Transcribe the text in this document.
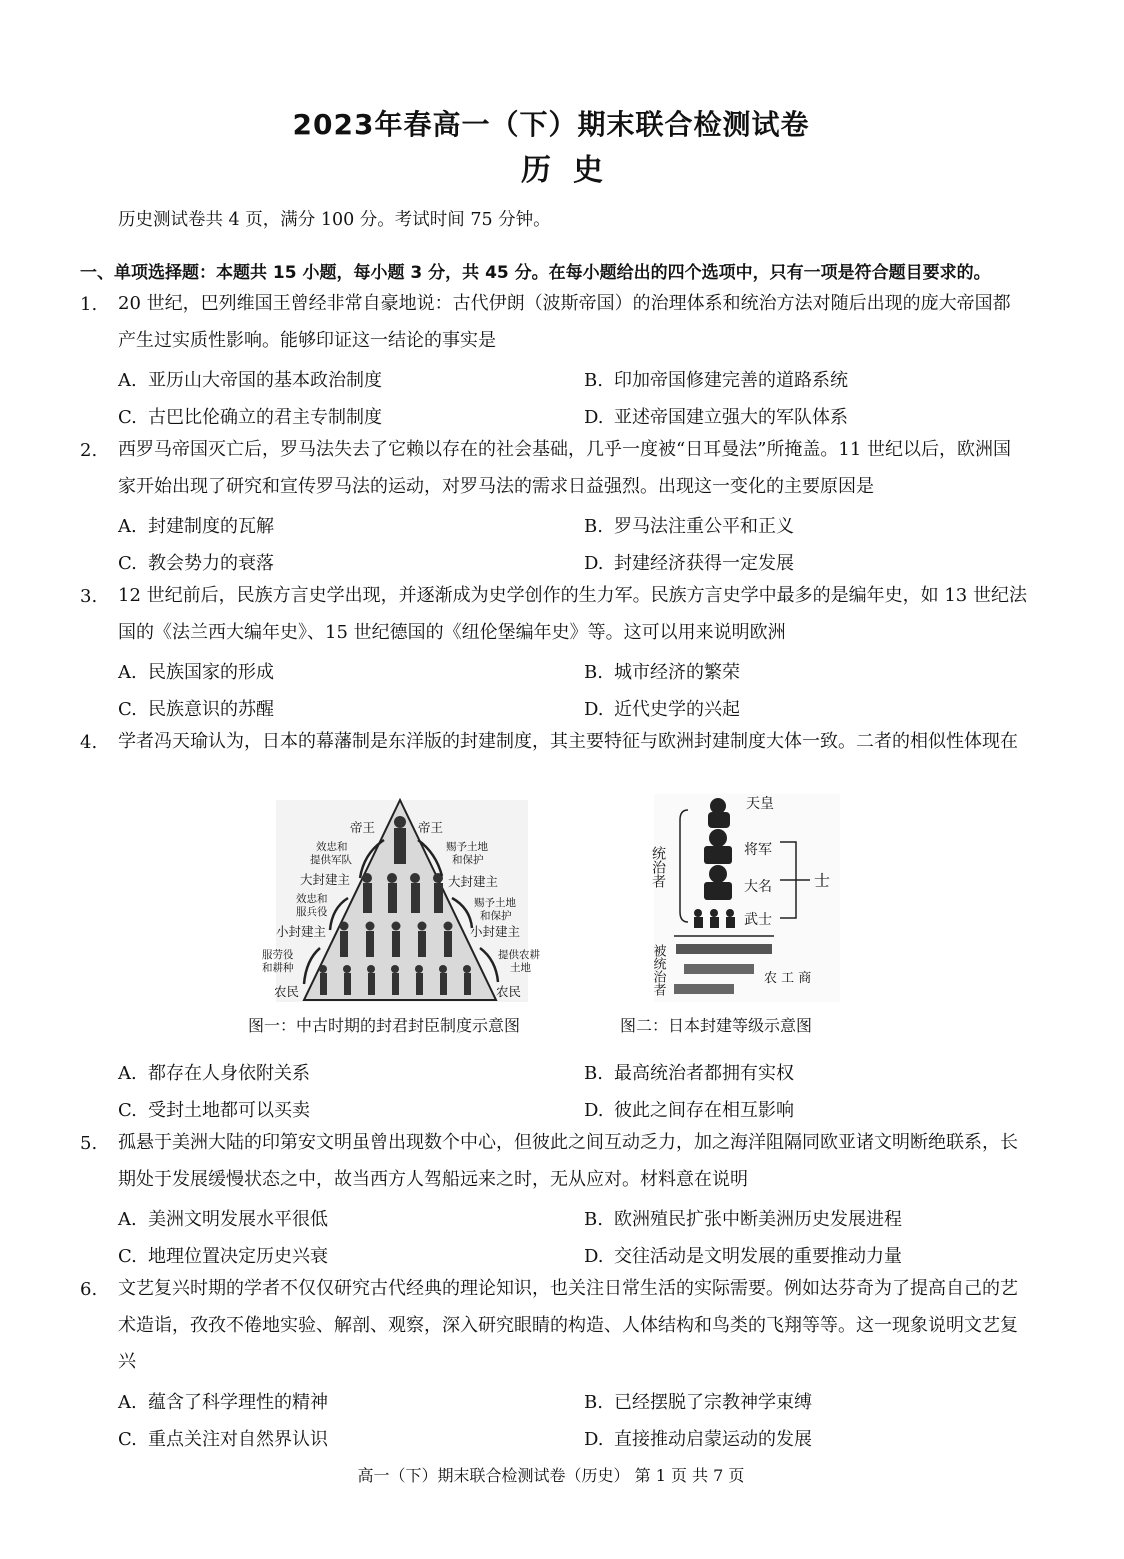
2023年春高一（下）期末联合检测试卷
历史
历史测试卷共 4 页，满分 100 分。考试时间 75 分钟。
一、单项选择题：本题共 15 小题，每小题 3 分，共 45 分。在每小题给出的四个选项中，只有一项是符合题目要求的。
1. 20 世纪，巴列维国王曾经非常自豪地说：古代伊朗（波斯帝国）的治理体系和统治方法对随后出现的庞大帝国都产生过实质性影响。能够印证这一结论的事实是
A. 亚历山大帝国的基本政治制度	B. 印加帝国修建完善的道路系统
C. 古巴比伦确立的君主专制制度	D. 亚述帝国建立强大的军队体系
2. 西罗马帝国灭亡后，罗马法失去了它赖以存在的社会基础，几乎一度被“日耳曼法”所掩盖。11 世纪以后，欧洲国家开始出现了研究和宣传罗马法的运动，对罗马法的需求日益强烈。出现这一变化的主要原因是
A. 封建制度的瓦解	B. 罗马法注重公平和正义
C. 教会势力的衰落	D. 封建经济获得一定发展
3. 12 世纪前后，民族方言史学出现，并逐渐成为史学创作的生力军。民族方言史学中最多的是编年史，如 13 世纪法国的《法兰西大编年史》、15 世纪德国的《纽伦堡编年史》等。这可以用来说明欧洲
A. 民族国家的形成	B. 城市经济的繁荣
C. 民族意识的苏醒	D. 近代史学的兴起
4. 学者冯天瑜认为，日本的幕藩制是东洋版的封建制度，其主要特征与欧洲封建制度大体一致。二者的相似性体现在
帝王	帝王
效忠和
提供军队
赐予土地
和保护
大封建主	大封建主
效忠和
服兵役
赐予土地
和保护
小封建主	小封建主
服劳役
和耕种
提供农耕
土地
农民	农民
图一：中古时期的封君封臣制度示意图
天皇
将军
大名
武士
士
农 工 商
统治者
被统治者
图二：日本封建等级示意图
A. 都存在人身依附关系	B. 最高统治者都拥有实权
C. 受封土地都可以买卖	D. 彼此之间存在相互影响
5. 孤悬于美洲大陆的印第安文明虽曾出现数个中心，但彼此之间互动乏力，加之海洋阻隔同欧亚诸文明断绝联系，长期处于发展缓慢状态之中，故当西方人驾船远来之时，无从应对。材料意在说明
A. 美洲文明发展水平很低	B. 欧洲殖民扩张中断美洲历史发展进程
C. 地理位置决定历史兴衰	D. 交往活动是文明发展的重要推动力量
6. 文艺复兴时期的学者不仅仅研究古代经典的理论知识，也关注日常生活的实际需要。例如达芬奇为了提高自己的艺术造诣，孜孜不倦地实验、解剖、观察，深入研究眼睛的构造、人体结构和鸟类的飞翔等等。这一现象说明文艺复兴
A. 蕴含了科学理性的精神	B. 已经摆脱了宗教神学束缚
C. 重点关注对自然界认识	D. 直接推动启蒙运动的发展
高一（下）期末联合检测试卷（历史） 第 1 页 共 7 页
